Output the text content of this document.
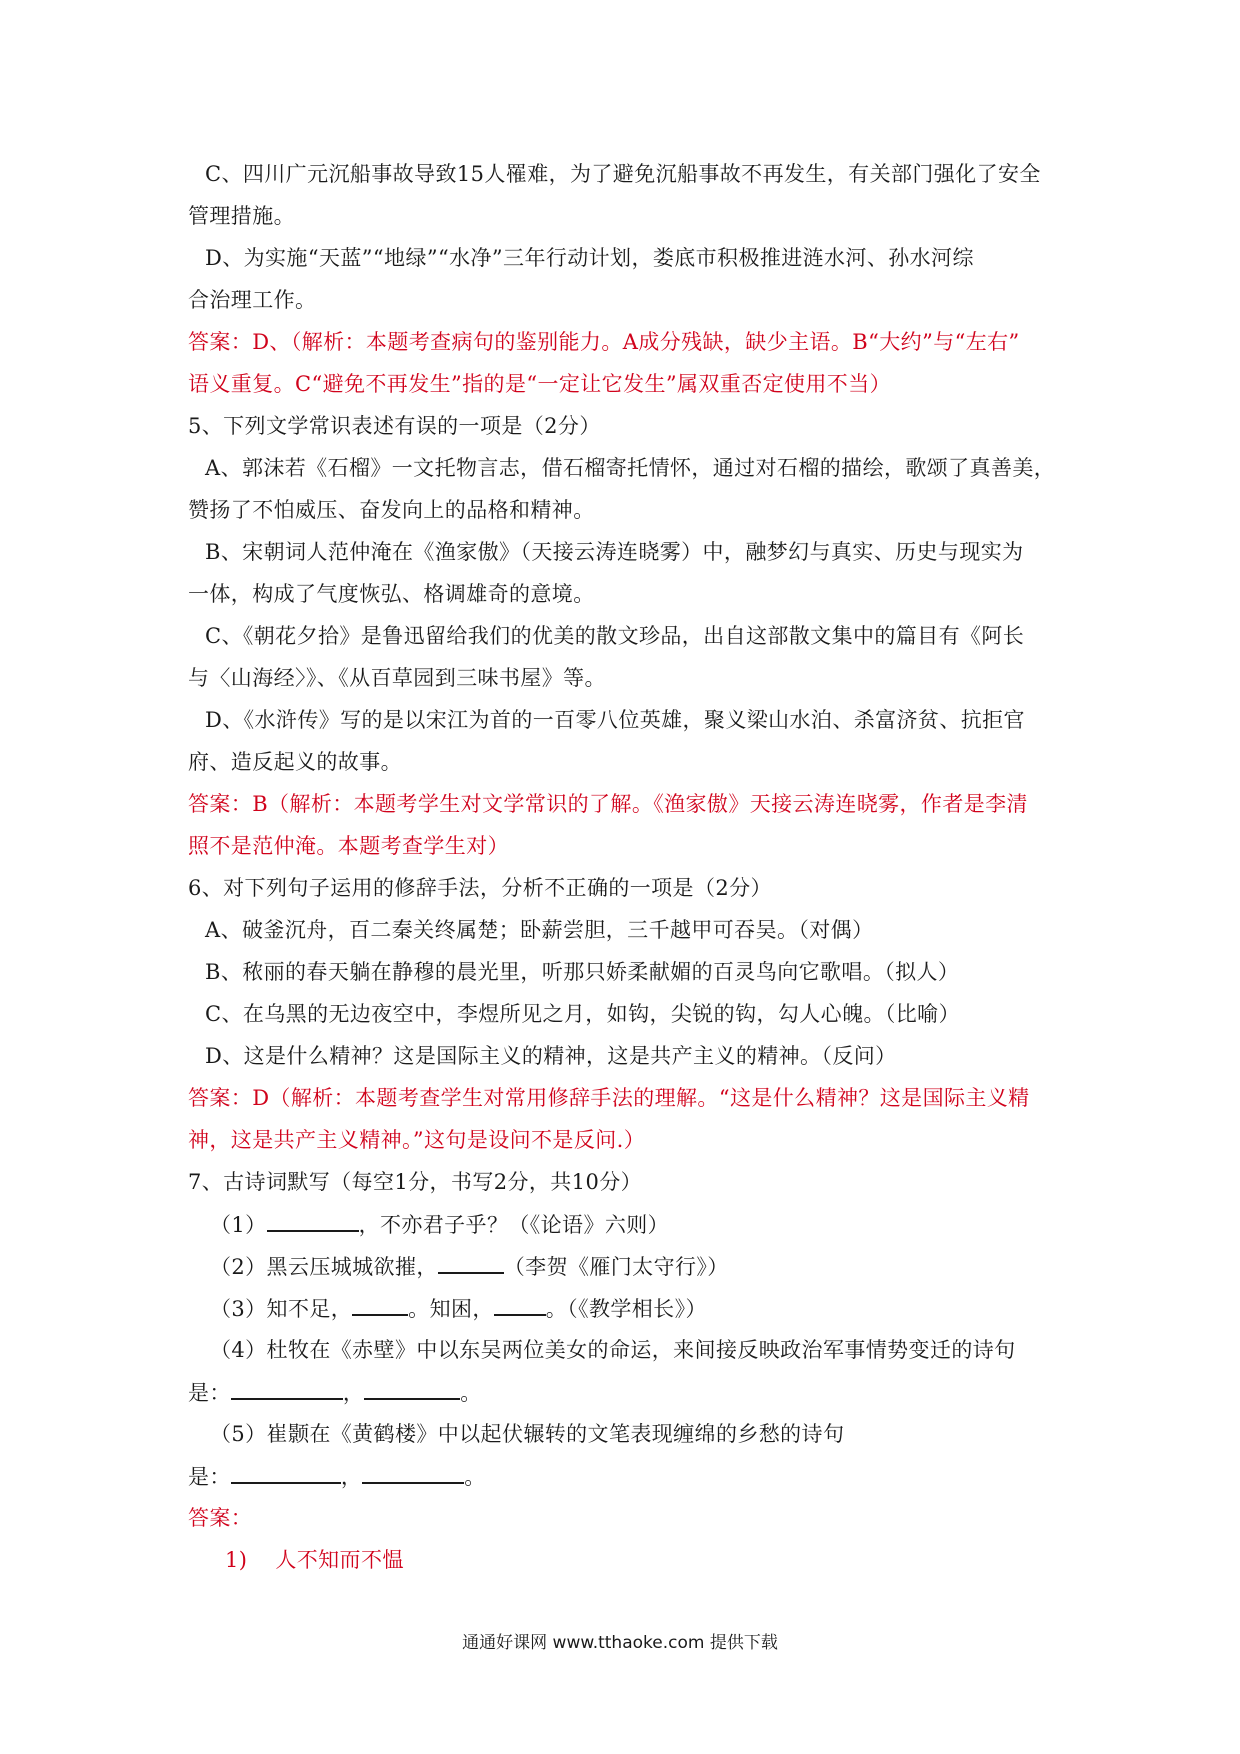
C、四川广元沉船事故导致15人罹难，为了避免沉船事故不再发生，有关部门强化了安全
管理措施。
D、为实施“天蓝”“地绿”“水净”三年行动计划，娄底市积极推进涟水河、孙水河综
合治理工作。
答案：D、（解析：本题考查病句的鉴别能力。A成分残缺，缺少主语。B“大约”与“左右”
语义重复。C“避免不再发生”指的是“一定让它发生”属双重否定使用不当）
5、下列文学常识表述有误的一项是（2分）
A、郭沫若《石榴》一文托物言志，借石榴寄托情怀，通过对石榴的描绘，歌颂了真善美，
赞扬了不怕威压、奋发向上的品格和精神。
B、宋朝词人范仲淹在《渔家傲》（天接云涛连晓雾）中，融梦幻与真实、历史与现实为
一体，构成了气度恢弘、格调雄奇的意境。
C、《朝花夕拾》是鲁迅留给我们的优美的散文珍品，出自这部散文集中的篇目有《阿长
与〈山海经〉》、《从百草园到三味书屋》等。
D、《水浒传》写的是以宋江为首的一百零八位英雄，聚义梁山水泊、杀富济贫、抗拒官
府、造反起义的故事。
答案：B（解析：本题考学生对文学常识的了解。《渔家傲》天接云涛连晓雾，作者是李清
照不是范仲淹。本题考查学生对）
6、对下列句子运用的修辞手法，分析不正确的一项是（2分）
A、破釜沉舟，百二秦关终属楚；卧薪尝胆，三千越甲可吞吴。（对偶）
B、秾丽的春天躺在静穆的晨光里，听那只娇柔献媚的百灵鸟向它歌唱。（拟人）
C、在乌黑的无边夜空中，李煜所见之月，如钩，尖锐的钩，勾人心魄。（比喻）
D、这是什么精神？这是国际主义的精神，这是共产主义的精神。（反问）
答案：D（解析：本题考查学生对常用修辞手法的理解。“这是什么精神？这是国际主义精
神，这是共产主义精神。”这句是设问不是反问.）
7、古诗词默写（每空1分，书写2分，共10分）
（1）	，不亦君子乎？（《论语》六则）
（2）黑云压城城欲摧，	（李贺《雁门太守行》）
（3）知不足，	。知困， 。（《教学相长》）
（4）杜牧在《赤壁》中以东吴两位美女的命运，来间接反映政治军事情势变迁的诗句
是：	，	。
（5）崔颢在《黄鹤楼》中以起伏辗转的文笔表现缠绵的乡愁的诗句
是：	，	。
答案：
1) 人不知而不愠
通通好课网 www.tthaoke.com 提供下载
